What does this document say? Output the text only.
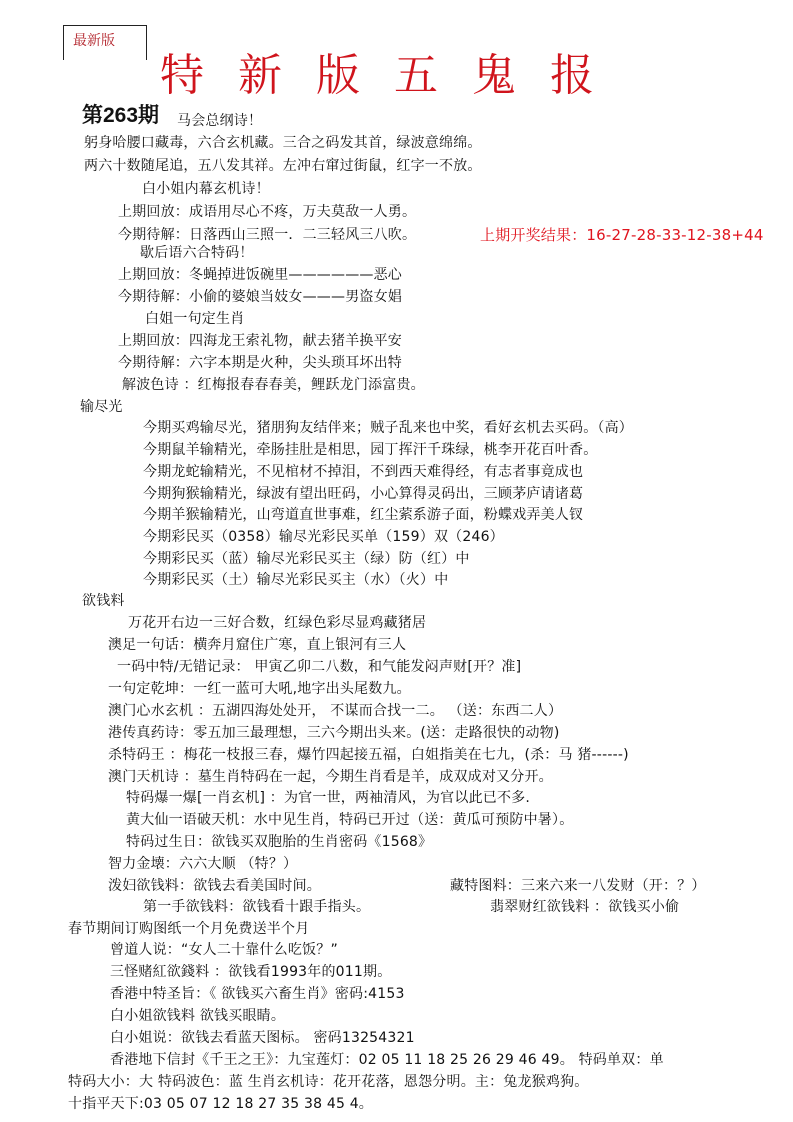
最新版
特 新 版 五 鬼 报
第263期 马会总纲诗！
躬身哈腰口藏毒，六合玄机藏。三合之码发其首，绿波意绵绵。
两六十数随尾追，五八发其祥。左冲右窜过街鼠，红字一不放。
白小姐内幕玄机诗！
上期回放：成语用尽心不疼，万夫莫敌一人勇。
今期待解：日落西山三照一．二三轻风三八吹。	上期开奖结果：16-27-28-33-12-38+44
歇后语六合特码！
上期回放：冬蝇掉进饭碗里——————恶心
今期待解：小偷的婆娘当妓女———男盗女娼
白姐一句定生肖
上期回放：四海龙王索礼物，献去猪羊换平安
今期待解：六字本期是火种，尖头琐耳坏出特
解波色诗 ：红梅报春春春美，鲤跃龙门添富贵。
输尽光
今期买鸡输尽光，猪朋狗友结伴来；贼子乱来也中奖，看好玄机去买码。（高）
今期鼠羊输精光，牵肠挂肚是相思，园丁挥汗千珠绿，桃李开花百叶香。
今期龙蛇输精光，不见棺材不掉泪，不到西天难得经，有志者事竟成也
今期狗猴输精光，绿波有望出旺码，小心算得灵码出，三顾茅庐请诸葛
今期羊猴输精光，山弯道直世事难，红尘萦系游子面，粉蝶戏弄美人钗
今期彩民买（0358）输尽光彩民买单（159）双（246）
今期彩民买（蓝）输尽光彩民买主（绿）防（红）中
今期彩民买（土）输尽光彩民买主（水）（火）中
欲钱料
万花开右边一三好合数，红绿色彩尽显鸡藏猪居
澳足一句话：横奔月窟住广寒，直上银河有三人
一码中特/无错记录： 甲寅乙卯二八数，和气能发闷声财[开？准]
一句定乾坤：一红一蓝可大吼,地字出头尾数九。
澳门心水玄机 ：五湖四海处处开， 不谋而合找一二。 （送：东西二人）
港传真药诗：零五加三最理想，三六今期出头来。(送：走路很快的动物)
杀特码王 ：梅花一枝报三春，爆竹四起接五福，白姐指美在七九，(杀：马 猪------)
澳门天机诗 ：墓生肖特码在一起，今期生肖看是羊，成双成对又分开。
特码爆一爆[一肖玄机] ：为官一世，两袖清风，为官以此已不多.
黄大仙一语破天机：水中见生肖，特码已开过（送：黄瓜可预防中暑）。
特码过生日：欲钱买双胞胎的生肖密码《1568》
智力金壊：六六大顺 （特？）
泼妇欲钱料：欲钱去看美国时间。	藏特图料：三来六来一八发财（开：？）
第一手欲钱料：欲钱看十跟手指头。	翡翠财红欲钱料 ：欲钱买小偷
春节期间订购图纸一个月免费送半个月
曾道人说：“女人二十靠什么吃饭？”
三怪赌紅欲錢料 ：欲钱看1993年的011期。
香港中特圣旨：《 欲钱买六畜生肖》密码:4153
白小姐欲钱料 欲钱买眼睛。
白小姐说：欲钱去看蓝天图标。 密码13254321
香港地下信封《千王之王》：九宝莲灯：02 05 11 18 25 26 29 46 49。 特码单双：单
特码大小：大 特码波色：蓝 生肖玄机诗：花开花落，恩怨分明。主：兔龙猴鸡狗。
十指平天下:03 05 07 12 18 27 35 38 45 4。
